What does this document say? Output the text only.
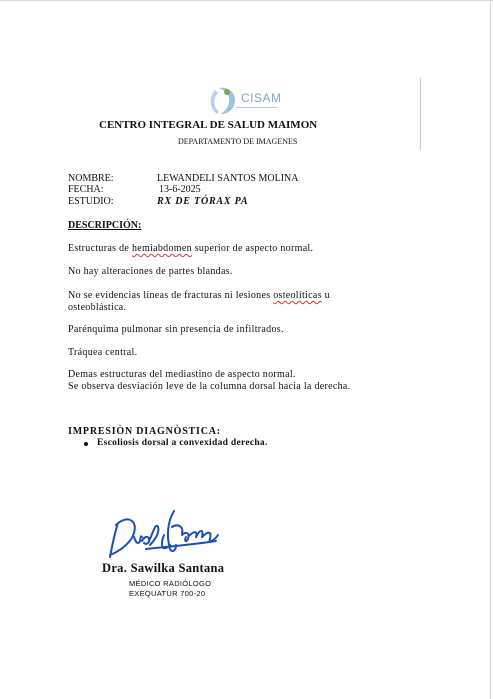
CISAM
CENTRO INTEGRAL DE SALUD MAIMON
DEPARTAMENTO DE IMAGENES
NOMBRE:	LEWANDELI SANTOS MOLINA
FECHA:	13-6-2025
ESTUDIO:	RX DE TÓRAX PA
DESCRIPCIÓN:
Estructuras de hemiabdomen superior de aspecto normal.
No hay alteraciones de partes blandas.
No se evidencias líneas de fracturas ni lesiones osteolíticas u
osteoblástica.
Parénquima pulmonar sin presencia de infiltrados.
Tráquea central.
Demas estructuras del mediastino de aspecto normal.
Se observa desviación leve de la columna dorsal hacia la derecha.
IMPRESIÒN DIAGNÒSTICA:
Escoliosis dorsal a convexidad derecha.
Dra. Sawilka Santana
MÉDICO RADIÓLOGO
EXEQUATUR 700-20
